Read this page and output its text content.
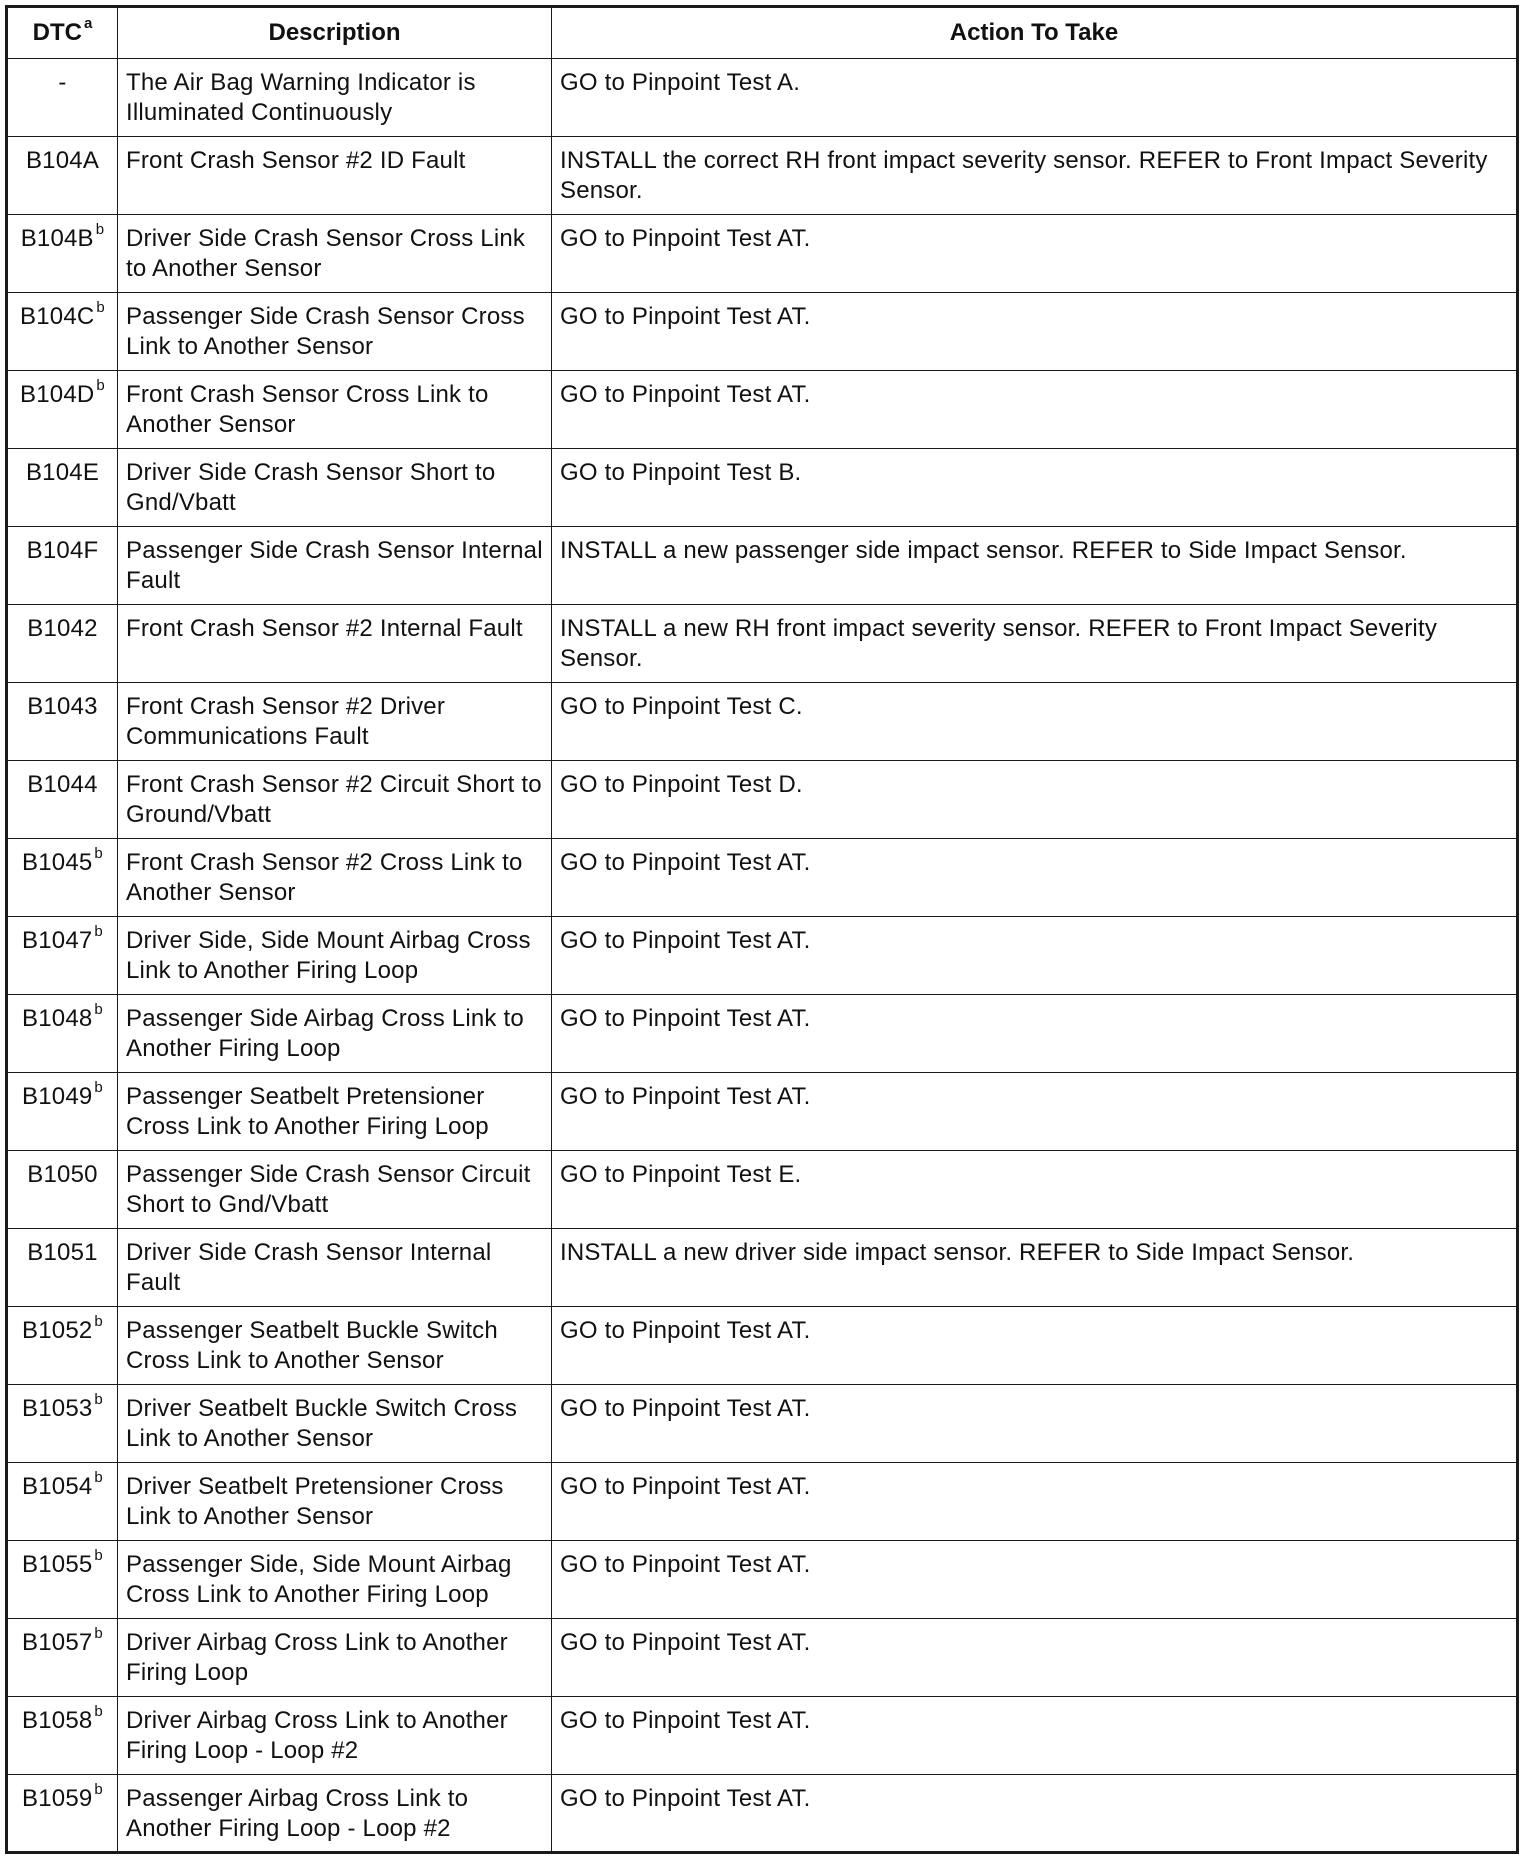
DTC $^a$	Description	Action To Take
-	The Air Bag Warning Indicator is Illuminated Continuously	GO to Pinpoint Test A.
B104A	Front Crash Sensor #2 ID Fault	INSTALL the correct RH front impact severity sensor. REFER to Front Impact Severity Sensor.
B104B $^b$	Driver Side Crash Sensor Cross Link to Another Sensor	GO to Pinpoint Test AT.
B104C $^b$	Passenger Side Crash Sensor Cross Link to Another Sensor	GO to Pinpoint Test AT.
B104D $^b$	Front Crash Sensor Cross Link to Another Sensor	GO to Pinpoint Test AT.
B104E	Driver Side Crash Sensor Short to Gnd/Vbatt	GO to Pinpoint Test B.
B104F	Passenger Side Crash Sensor Internal Fault	INSTALL a new passenger side impact sensor. REFER to Side Impact Sensor.
B1042	Front Crash Sensor #2 Internal Fault	INSTALL a new RH front impact severity sensor. REFER to Front Impact Severity Sensor.
B1043	Front Crash Sensor #2 Driver Communications Fault	GO to Pinpoint Test C.
B1044	Front Crash Sensor #2 Circuit Short to Ground/Vbatt	GO to Pinpoint Test D.
B1045 $^b$	Front Crash Sensor #2 Cross Link to Another Sensor	GO to Pinpoint Test AT.
B1047 $^b$	Driver Side, Side Mount Airbag Cross Link to Another Firing Loop	GO to Pinpoint Test AT.
B1048 $^b$	Passenger Side Airbag Cross Link to Another Firing Loop	GO to Pinpoint Test AT.
B1049 $^b$	Passenger Seatbelt Pretensioner Cross Link to Another Firing Loop	GO to Pinpoint Test AT.
B1050	Passenger Side Crash Sensor Circuit Short to Gnd/Vbatt	GO to Pinpoint Test E.
B1051	Driver Side Crash Sensor Internal Fault	INSTALL a new driver side impact sensor. REFER to Side Impact Sensor.
B1052 $^b$	Passenger Seatbelt Buckle Switch Cross Link to Another Sensor	GO to Pinpoint Test AT.
B1053 $^b$	Driver Seatbelt Buckle Switch Cross Link to Another Sensor	GO to Pinpoint Test AT.
B1054 $^b$	Driver Seatbelt Pretensioner Cross Link to Another Sensor	GO to Pinpoint Test AT.
B1055 $^b$	Passenger Side, Side Mount Airbag Cross Link to Another Firing Loop	GO to Pinpoint Test AT.
B1057 $^b$	Driver Airbag Cross Link to Another Firing Loop	GO to Pinpoint Test AT.
B1058 $^b$	Driver Airbag Cross Link to Another Firing Loop - Loop #2	GO to Pinpoint Test AT.
B1059 $^b$	Passenger Airbag Cross Link to Another Firing Loop - Loop #2	GO to Pinpoint Test AT.
